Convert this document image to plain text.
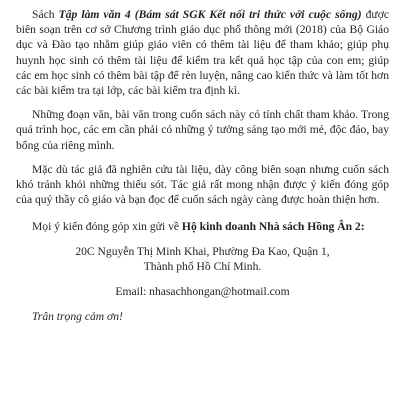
Sách Tập làm văn 4 (Bám sát SGK Kết nối tri thức với cuộc sống) được biên soạn trên cơ sở Chương trình giáo dục phổ thông mới (2018) của Bộ Giáo dục và Đào tạo nhằm giúp giáo viên có thêm tài liệu để tham khảo; giúp phụ huynh học sinh có thêm tài liệu để kiểm tra kết quả học tập của con em; giúp các em học sinh có thêm bài tập để rèn luyện, nâng cao kiến thức và làm tốt hơn các bài kiểm tra tại lớp, các bài kiểm tra định kì.

Những đoạn văn, bài văn trong cuốn sách này có tính chất tham khảo. Trong quá trình học, các em cần phải có những ý tưởng sáng tạo mới mẻ, độc đáo, bay bổng của riêng mình.

Mặc dù tác giả đã nghiên cứu tài liệu, dày công biên soạn nhưng cuốn sách khó tránh khỏi những thiếu sót. Tác giả rất mong nhận được ý kiến đóng góp của quý thầy cô giáo và bạn đọc để cuốn sách ngày càng được hoàn thiện hơn.

Mọi ý kiến đóng góp xin gửi về Hộ kinh doanh Nhà sách Hồng Ân 2:

20C Nguyễn Thị Minh Khai, Phường Đa Kao, Quận 1,

Thành phố Hồ Chí Minh.

Email: nhasachhongan@hotmail.com

Trân trọng cảm ơn!
